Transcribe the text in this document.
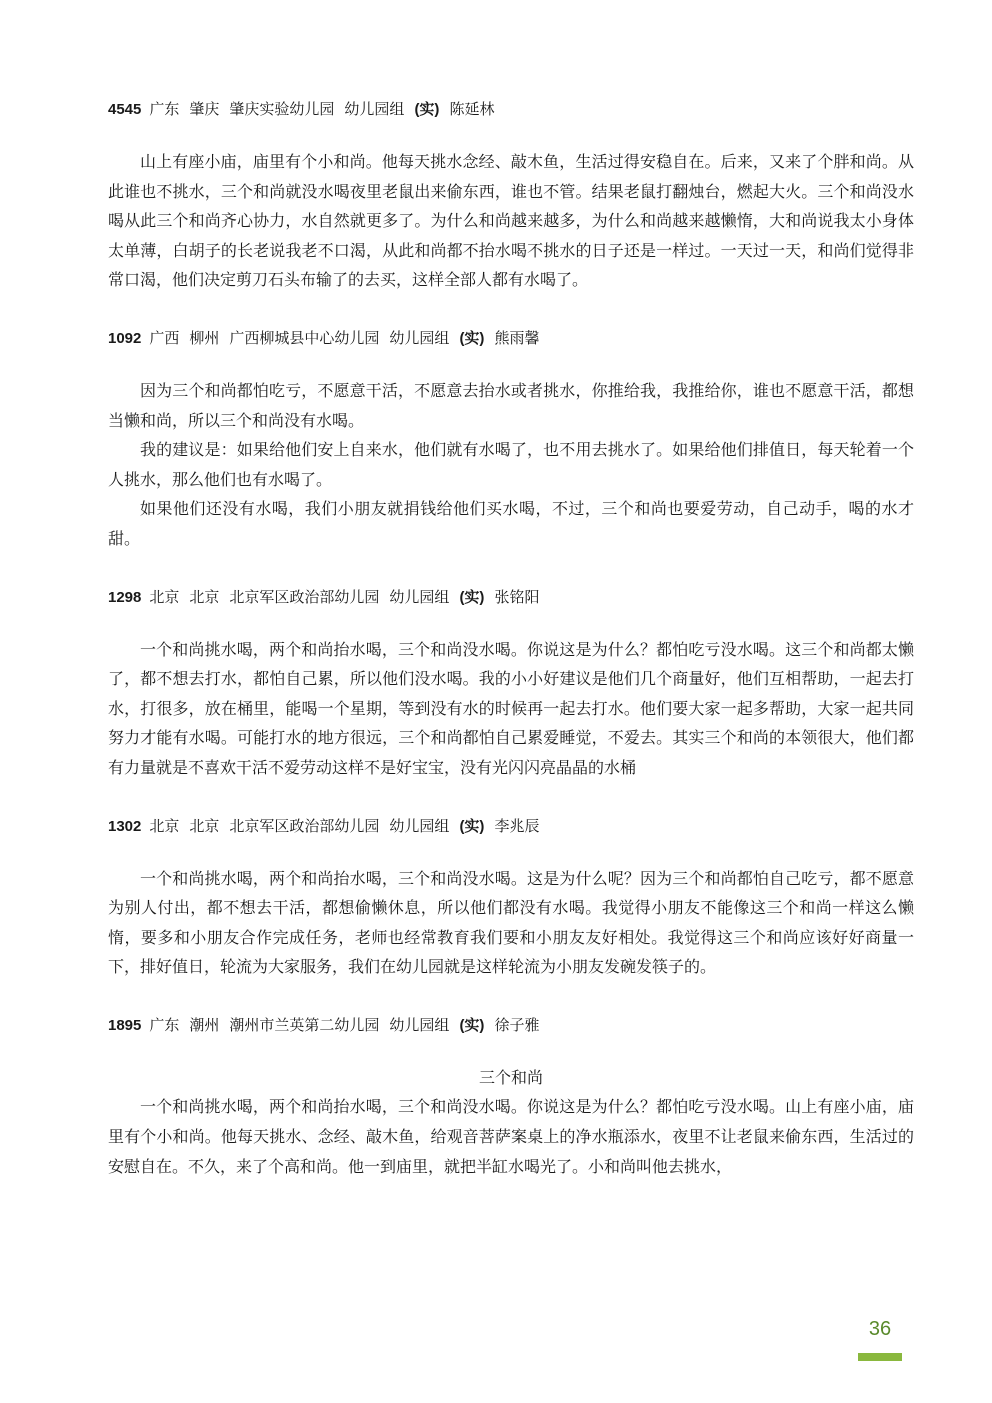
4545 广东 肇庆 肇庆实验幼儿园 幼儿园组 (实) 陈延林

山上有座小庙，庙里有个小和尚。他每天挑水念经、敲木鱼，生活过得安稳自在。后来，又来了个胖和尚。从此谁也不挑水，三个和尚就没水喝夜里老鼠出来偷东西，谁也不管。结果老鼠打翻烛台，燃起大火。三个和尚没水喝从此三个和尚齐心协力，水自然就更多了。为什么和尚越来越多，为什么和尚越来越懒惰，大和尚说我太小身体太单薄，白胡子的长老说我老不口渴，从此和尚都不抬水喝不挑水的日子还是一样过。一天过一天，和尚们觉得非常口渴，他们决定剪刀石头布输了的去买，这样全部人都有水喝了。

1092 广西 柳州 广西柳城县中心幼儿园 幼儿园组 (实) 熊雨馨

因为三个和尚都怕吃亏，不愿意干活，不愿意去抬水或者挑水，你推给我，我推给你，谁也不愿意干活，都想当懒和尚，所以三个和尚没有水喝。

我的建议是：如果给他们安上自来水，他们就有水喝了，也不用去挑水了。如果给他们排值日，每天轮着一个人挑水，那么他们也有水喝了。

如果他们还没有水喝，我们小朋友就捐钱给他们买水喝，不过，三个和尚也要爱劳动，自己动手，喝的水才甜。

1298 北京 北京 北京军区政治部幼儿园 幼儿园组 (实) 张铭阳

一个和尚挑水喝，两个和尚抬水喝，三个和尚没水喝。你说这是为什么？都怕吃亏没水喝。这三个和尚都太懒了，都不想去打水，都怕自己累，所以他们没水喝。我的小小好建议是他们几个商量好，他们互相帮助，一起去打水，打很多，放在桶里，能喝一个星期，等到没有水的时候再一起去打水。他们要大家一起多帮助，大家一起共同努力才能有水喝。可能打水的地方很远，三个和尚都怕自己累爱睡觉，不爱去。其实三个和尚的本领很大，他们都有力量就是不喜欢干活不爱劳动这样不是好宝宝，没有光闪闪亮晶晶的水桶

1302 北京 北京 北京军区政治部幼儿园 幼儿园组 (实) 李兆辰

一个和尚挑水喝，两个和尚抬水喝，三个和尚没水喝。这是为什么呢？因为三个和尚都怕自己吃亏，都不愿意为别人付出，都不想去干活，都想偷懒休息，所以他们都没有水喝。我觉得小朋友不能像这三个和尚一样这么懒惰，要多和小朋友合作完成任务，老师也经常教育我们要和小朋友友好相处。我觉得这三个和尚应该好好商量一下，排好值日，轮流为大家服务，我们在幼儿园就是这样轮流为小朋友发碗发筷子的。

1895 广东 潮州 潮州市兰英第二幼儿园 幼儿园组 (实) 徐子雅

三个和尚

一个和尚挑水喝，两个和尚抬水喝，三个和尚没水喝。你说这是为什么？都怕吃亏没水喝。山上有座小庙，庙里有个小和尚。他每天挑水、念经、敲木鱼，给观音菩萨案桌上的净水瓶添水，夜里不让老鼠来偷东西，生活过的安慰自在。不久，来了个高和尚。他一到庙里，就把半缸水喝光了。小和尚叫他去挑水，

36
